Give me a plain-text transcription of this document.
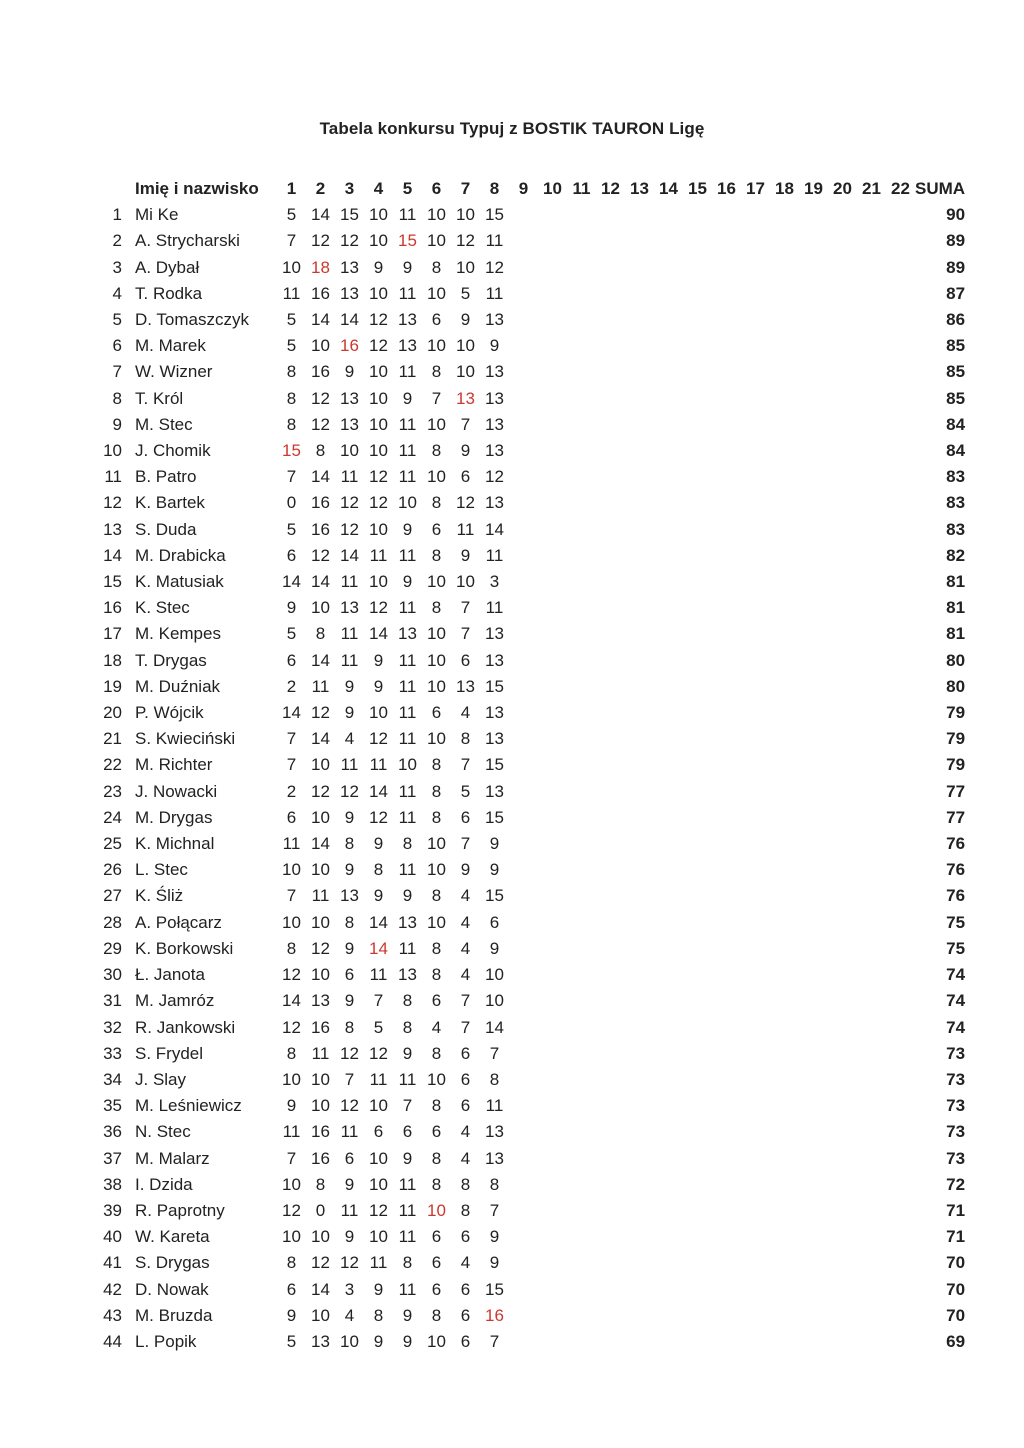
Tabela konkursu Typuj z BOSTIK TAURON Ligę
	Imię i nazwisko	1	2	3	4	5	6	7	8	9	10	11	12	13	14	15	16	17	18	19	20	21	22	SUMA
1	Mi Ke	5	14	15	10	11	10	10	15															90
2	A. Strycharski	7	12	12	10	15	10	12	11															89
3	A. Dybał	10	18	13	9	9	8	10	12															89
4	T. Rodka	11	16	13	10	11	10	5	11															87
5	D. Tomaszczyk	5	14	14	12	13	6	9	13															86
6	M. Marek	5	10	16	12	13	10	10	9															85
7	W. Wizner	8	16	9	10	11	8	10	13															85
8	T. Król	8	12	13	10	9	7	13	13															85
9	M. Stec	8	12	13	10	11	10	7	13															84
10	J. Chomik	15	8	10	10	11	8	9	13															84
11	B. Patro	7	14	11	12	11	10	6	12															83
12	K. Bartek	0	16	12	12	10	8	12	13															83
13	S. Duda	5	16	12	10	9	6	11	14															83
14	M. Drabicka	6	12	14	11	11	8	9	11															82
15	K. Matusiak	14	14	11	10	9	10	10	3															81
16	K. Stec	9	10	13	12	11	8	7	11															81
17	M. Kempes	5	8	11	14	13	10	7	13															81
18	T. Drygas	6	14	11	9	11	10	6	13															80
19	M. Duźniak	2	11	9	9	11	10	13	15															80
20	P. Wójcik	14	12	9	10	11	6	4	13															79
21	S. Kwieciński	7	14	4	12	11	10	8	13															79
22	M. Richter	7	10	11	11	10	8	7	15															79
23	J. Nowacki	2	12	12	14	11	8	5	13															77
24	M. Drygas	6	10	9	12	11	8	6	15															77
25	K. Michnal	11	14	8	9	8	10	7	9															76
26	L. Stec	10	10	9	8	11	10	9	9															76
27	K. Śliż	7	11	13	9	9	8	4	15															76
28	A. Połącarz	10	10	8	14	13	10	4	6															75
29	K. Borkowski	8	12	9	14	11	8	4	9															75
30	Ł. Janota	12	10	6	11	13	8	4	10															74
31	M. Jamróz	14	13	9	7	8	6	7	10															74
32	R. Jankowski	12	16	8	5	8	4	7	14															74
33	S. Frydel	8	11	12	12	9	8	6	7															73
34	J. Slay	10	10	7	11	11	10	6	8															73
35	M. Leśniewicz	9	10	12	10	7	8	6	11															73
36	N. Stec	11	16	11	6	6	6	4	13															73
37	M. Malarz	7	16	6	10	9	8	4	13															73
38	I. Dzida	10	8	9	10	11	8	8	8															72
39	R. Paprotny	12	0	11	12	11	10	8	7															71
40	W. Kareta	10	10	9	10	11	6	6	9															71
41	S. Drygas	8	12	12	11	8	6	4	9															70
42	D. Nowak	6	14	3	9	11	6	6	15															70
43	M. Bruzda	9	10	4	8	9	8	6	16															70
44	L. Popik	5	13	10	9	9	10	6	7															69
